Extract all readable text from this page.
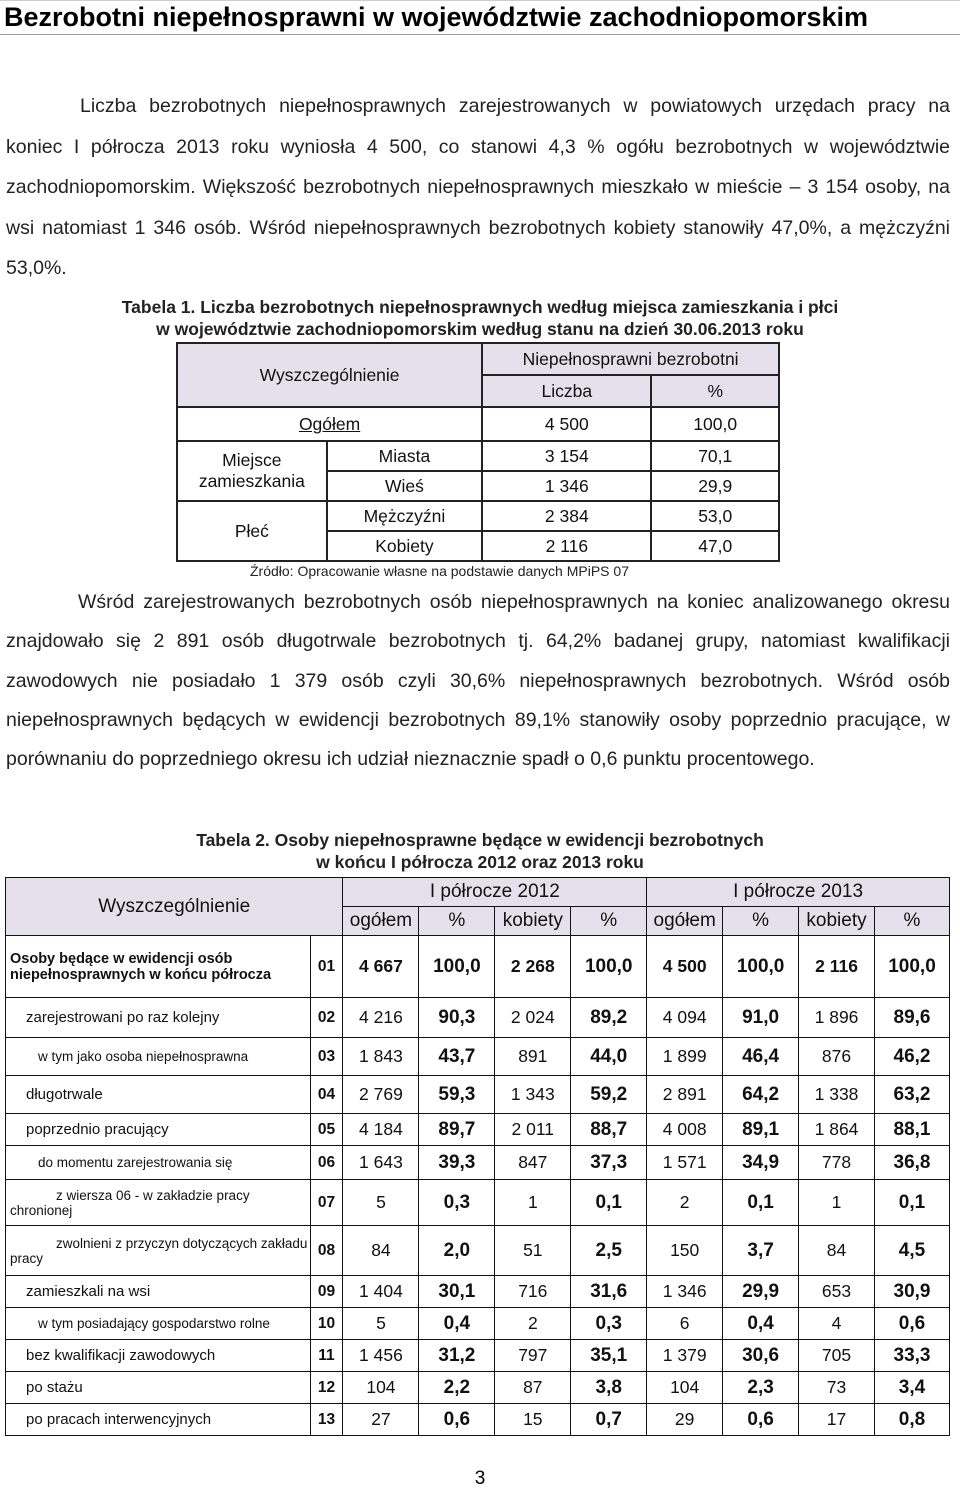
Bezrobotni niepełnosprawni w województwie zachodniopomorskim

Liczba bezrobotnych niepełnosprawnych zarejestrowanych w powiatowych urzędach pracy na koniec I półrocza 2013 roku wyniosła 4 500, co stanowi 4,3 % ogółu bezrobotnych w województwie zachodniopomorskim. Większość bezrobotnych niepełnosprawnych mieszkało w mieście – 3 154 osoby, na wsi natomiast 1 346 osób. Wśród niepełnosprawnych bezrobotnych kobiety stanowiły 47,0%, a mężczyźni 53,0%.

Tabela 1. Liczba bezrobotnych niepełnosprawnych według miejsca zamieszkania i płci
w województwie zachodniopomorskim według stanu na dzień 30.06.2013 roku
Wyszczególnienie		Niepełnosprawni bezrobotni	
		Liczba	%
Ogółem		4 500	100,0
Miejsce zamieszkania	Miasta	3 154	70,1
	Wieś	1 346	29,9
Płeć	Mężczyźni	2 384	53,0
	Kobiety	2 116	47,0
Źródło: Opracowanie własne na podstawie danych MPiPS 07

Wśród zarejestrowanych bezrobotnych osób niepełnosprawnych na koniec analizowanego okresu znajdowało się 2 891 osób długotrwale bezrobotnych tj. 64,2% badanej grupy, natomiast kwalifikacji zawodowych nie posiadało 1 379 osób czyli 30,6% niepełnosprawnych bezrobotnych. Wśród osób niepełnosprawnych będących w ewidencji bezrobotnych 89,1% stanowiły osoby poprzednio pracujące, w porównaniu do poprzedniego okresu ich udział nieznacznie spadł o 0,6 punktu procentowego.

Tabela 2. Osoby niepełnosprawne będące w ewidencji bezrobotnych
w końcu I półrocza 2012 oraz 2013 roku
Wyszczególnienie		I półrocze 2012				I półrocze 2013			
		ogółem	%	kobiety	%	ogółem	%	kobiety	%
Osoby będące w ewidencji osób niepełnosprawnych w końcu półrocza	01	4 667	100,0	2 268	100,0	4 500	100,0	2 116	100,0
zarejestrowani po raz kolejny	02	4 216	90,3	2 024	89,2	4 094	91,0	1 896	89,6
w tym jako osoba niepełnosprawna	03	1 843	43,7	891	44,0	1 899	46,4	876	46,2
długotrwale	04	2 769	59,3	1 343	59,2	2 891	64,2	1 338	63,2
poprzednio pracujący	05	4 184	89,7	2 011	88,7	4 008	89,1	1 864	88,1
do momentu zarejestrowania się	06	1 643	39,3	847	37,3	1 571	34,9	778	36,8
z wiersza 06 - w zakładzie pracy chronionej	07	5	0,3	1	0,1	2	0,1	1	0,1
zwolnieni z przyczyn dotyczących zakładu pracy	08	84	2,0	51	2,5	150	3,7	84	4,5
zamieszkali na wsi	09	1 404	30,1	716	31,6	1 346	29,9	653	30,9
w tym posiadający gospodarstwo rolne	10	5	0,4	2	0,3	6	0,4	4	0,6
bez kwalifikacji zawodowych	11	1 456	31,2	797	35,1	1 379	30,6	705	33,3
po stażu	12	104	2,2	87	3,8	104	2,3	73	3,4
po pracach interwencyjnych	13	27	0,6	15	0,7	29	0,6	17	0,8
3
